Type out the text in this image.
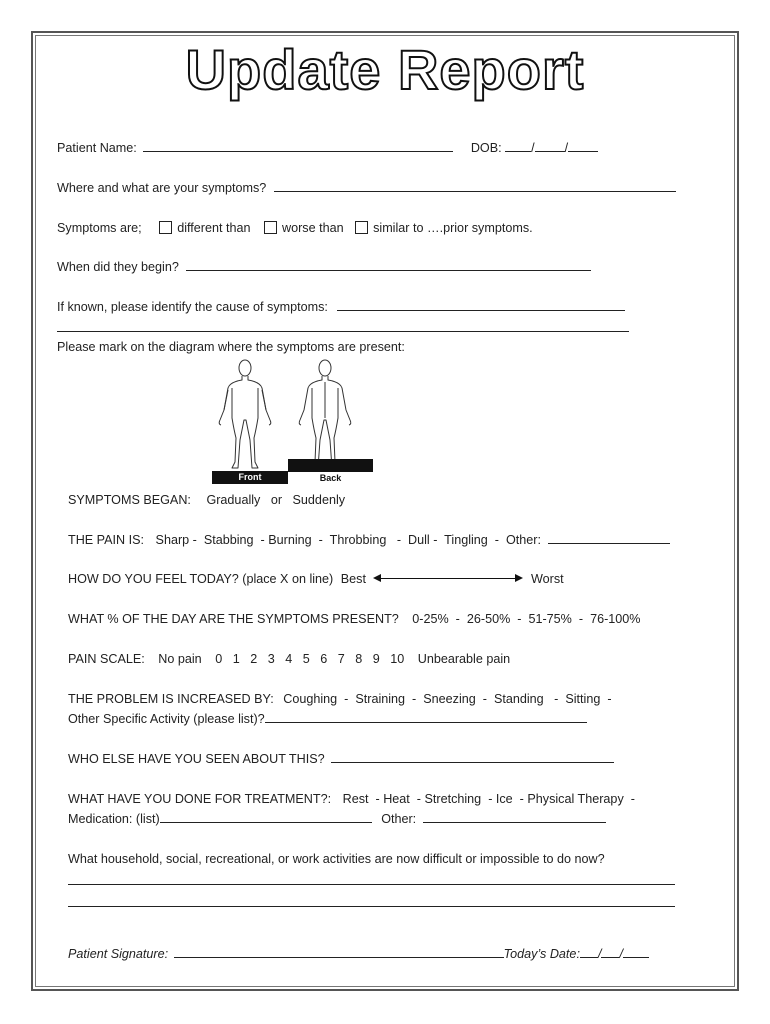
Update Report
Patient Name:	DOB: / /
Where and what are your symptoms?
Symptoms are;	different than	worse than similar to ….prior symptoms.
When did they begin?
If known, please identify the cause of symptoms:
Please mark on the diagram where the symptoms are present:
Front	Back
SYMPTOMS BEGAN: Gradually   or   Suddenly
THE PAIN IS: Sharp -  Stabbing  - Burning  -  Throbbing   -  Dull -  Tingling  -  Other:
HOW DO YOU FEEL TODAY? (place X on line) Best	Worst
WHAT % OF THE DAY ARE THE SYMPTOMS PRESENT? 0-25%  -  26-50%  -  51-75%  -  76-100%
PAIN SCALE: No pain 0   1   2   3   4   5   6   7   8   9   10 Unbearable pain
THE PROBLEM IS INCREASED BY: Coughing  -  Straining  -  Sneezing  -  Standing   -  Sitting  -
Other Specific Activity (please list)?
WHO ELSE HAVE YOU SEEN ABOUT THIS?
WHAT HAVE YOU DONE FOR TREATMENT?: Rest  - Heat  - Stretching  - Ice  - Physical Therapy  -
Medication: (list)	Other:
What household, social, recreational, or work activities are now difficult or impossible to do now?
Patient Signature:	Today’s Date: / /
